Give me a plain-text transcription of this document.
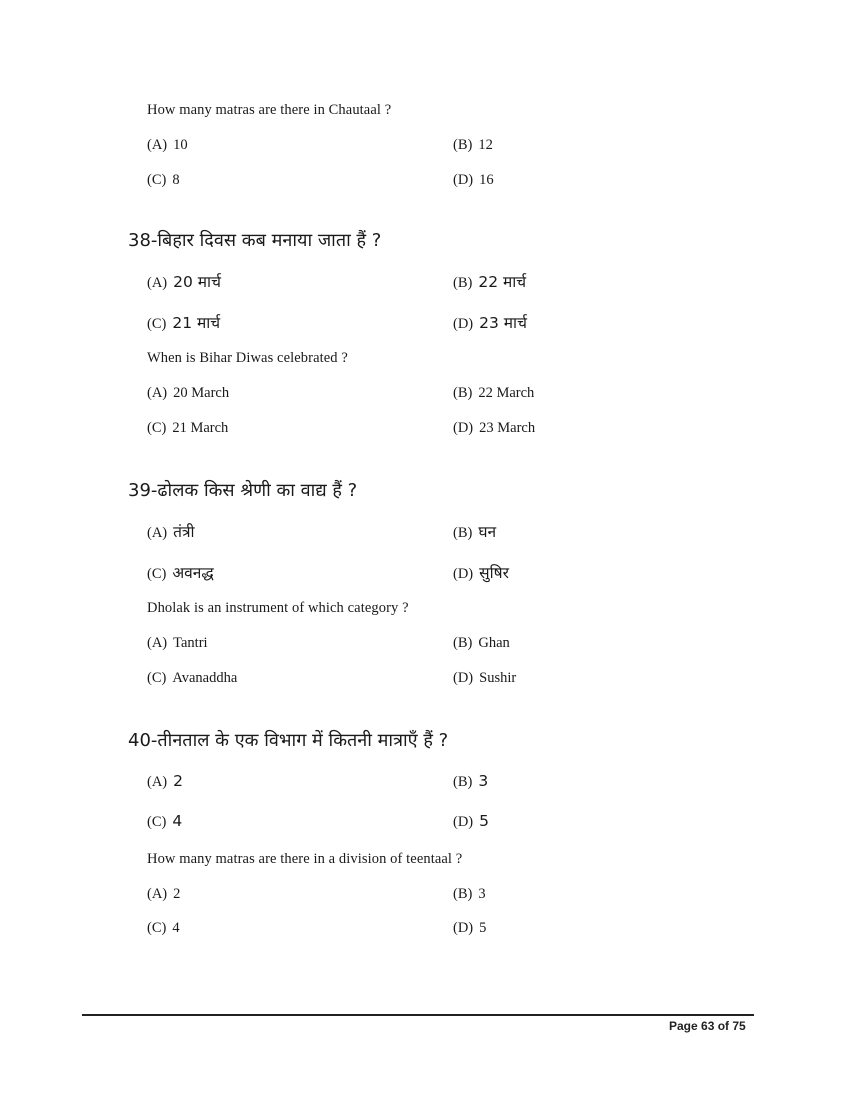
How many matras are there in Chautaal ?
(A) 10	(B) 12
(C) 8	(D) 16
38-बिहार दिवस कब मनाया जाता हैं ?
(A) 20 मार्च	(B) 22 मार्च
(C) 21 मार्च	(D) 23 मार्च
When is Bihar Diwas celebrated ?
(A) 20 March	(B) 22 March
(C) 21 March	(D) 23 March
39-ढोलक किस श्रेणी का वाद्य हैं ?
(A) तंत्री	(B) घन
(C) अवनद्ध	(D) सुषिर
Dholak is an instrument of which category ?
(A) Tantri	(B) Ghan
(C) Avanaddha	(D) Sushir
40-तीनताल के एक विभाग में कितनी मात्राएँ हैं ?
(A) 2	(B) 3
(C) 4	(D) 5
How many matras are there in a division of teentaal ?
(A) 2	(B) 3
(C) 4	(D) 5
Page 63 of 75
